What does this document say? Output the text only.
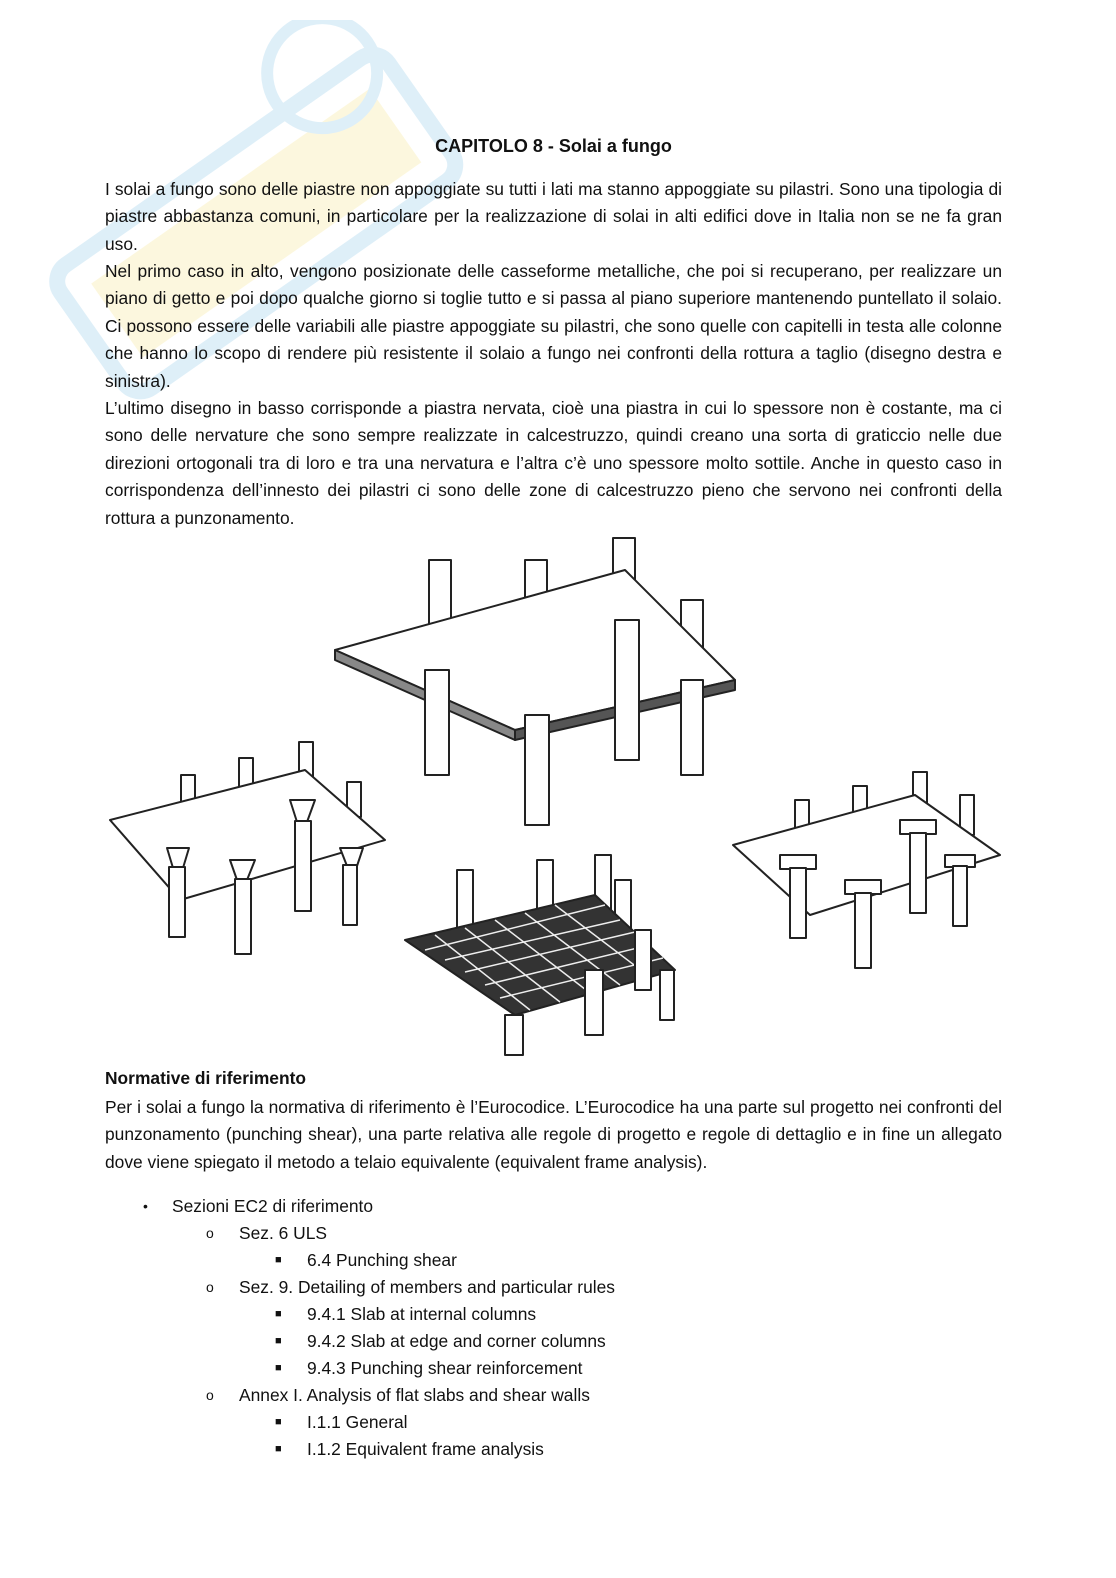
CAPITOLO 8 - Solai a fungo

I solai a fungo sono delle piastre non appoggiate su tutti i lati ma stanno appoggiate su pilastri. Sono una tipologia di piastre abbastanza comuni, in particolare per la realizzazione di solai in alti edifici dove in Italia non se ne fa gran uso.

Nel primo caso in alto, vengono posizionate delle casseforme metalliche, che poi si recuperano, per realizzare un piano di getto e poi dopo qualche giorno si toglie tutto e si passa al piano superiore mantenendo puntellato il solaio. Ci possono essere delle variabili alle piastre appoggiate su pilastri, che sono quelle con capitelli in testa alle colonne che hanno lo scopo di rendere più resistente il solaio a fungo nei confronti della rottura a taglio (disegno destra e sinistra).

L’ultimo disegno in basso corrisponde a piastra nervata, cioè una piastra in cui lo spessore non è costante, ma ci sono delle nervature che sono sempre realizzate in calcestruzzo, quindi creano una sorta di graticcio nelle due direzioni ortogonali tra di loro e tra una nervatura e l’altra c’è uno spessore molto sottile. Anche in questo caso in corrispondenza dell’innesto dei pilastri ci sono delle zone di calcestruzzo pieno che servono nei confronti della rottura a punzonamento.

Normative di riferimento

Per i solai a fungo la normativa di riferimento è l’Eurocodice. L’Eurocodice ha una parte sul progetto nei confronti del punzonamento (punching shear), una parte relativa alle regole di progetto e regole di dettaglio e in fine un allegato dove viene spiegato il metodo a telaio equivalente (equivalent frame analysis).

• Sezioni EC2 di riferimento
o Sez. 6 ULS
■ 6.4 Punching shear
o Sez. 9. Detailing of members and particular rules
■ 9.4.1 Slab at internal columns
■ 9.4.2 Slab at edge and corner columns
■ 9.4.3 Punching shear reinforcement
o Annex I. Analysis of flat slabs and shear walls
■ I.1.1 General
■ I.1.2 Equivalent frame analysis
